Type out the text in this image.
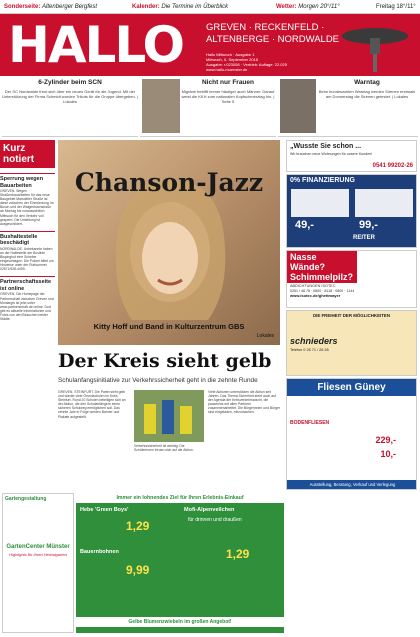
Sonderseite: Altenberger Bergfest	Kalender: Die Termine im Überblick	Wetter: Morgen 20°/11°	Freitag 18°/11°
HALLO GREVEN · RECKENFELD ·
ALTENBERGE · NORDWALDE
Hallo Mittwoch · Ausgabe 1
Mittwoch, 5. September 2018
Ausgabe: r.023008 · Vertrieb: Auflage: 22.025
www.hallo-muenster.de
6-Zylinder beim SCN

Der SC Nordwalde freut sich über ein neues Gerät für die Jugend. Mit der Unterstützung der Firma Schmidt wurden Trikots für die Gruppe übergeben. | Lokales

Nicht nur Frauen

Migräne betrifft immer häufiger auch Männer. Darauf weist die KKH zum nationalen Kopfschmerztag hin. | Seite 5

Warntag

Beim bundesweiten Warntag werden Sirenen erstmals am Donnerstag die Sirenen getestet. | Lokales

Kurz
notiert
Sperrung wegen Bauarbeiten

GREVEN. Wegen Straßenbauarbeiten für das neue Baugebiet Marsdeiler Straße ist diese zwischen der Einmündung Im Busch und der Walgenbachstraße ab Montag bis voraussichtlich Mittwoch für den Verkehr voll gesperrt. Die Umleitung ist ausgeschildert.

Bushaltestelle beschädigt

NORDWALDE. Unbekannte haben an der Haltestelle der Buslinie Bispinghof eine Scheibe eingeschlagen. Die Polizei bittet um Hinweise unter der Rufnummer 02571/928-4455.

Partnerschaftsseite ist online

GREVEN. Die Homepage der Partnerschaft zwischen Greven und Montargis ist jetzt unter www.partnerschaft.de online. Dort gibt es aktuelle Informationen und Fotos von den Besuchen beider Städte.

Chanson-Jazz
Kitty Hoff und Band in Kulturzentrum GBS
Lokales
Der Kreis sieht gelb
Schulanfangsinitiative zur Verkehrssicherheit geht in die zehnte Runde
GREVEN. STEINFURT. Die Partei sieht gelb und wieder viele Grundschulen im Kreis Steinfurt. Rund 20 Schulen beteiligen sich an der Aktion, die den Schulanfängern einen sicheren Schulweg ermöglichen soll. Das zehnte Jahr in Folge werden Banner und Plakate aufgestellt.
Verkehrssicherheit ist wichtig: Die Schülerinnen freuen sich auf die Aktion.
Viele Aktionen unterstützen die Aktion seit Jahren. Das Thema Sicherheit steht auch auf der Agenda der Kreisverkehrswacht, die pausenlos mit allen Partnern zusammenarbeitet. Die Bürgerinnen und Bürger sind eingeladen, mitzumachen.
„Wusste Sie schon ...
Wir brauchen neue Wohnungen für unsere Kunden!
0541 99202-26
0% FINANZIERUNG
49,-	99,-
REITER
Nasse Wände?
Schimmelpilz?
ABDICHTUNGEN ISOTEC
0251 / 48 78 · 0800 · 8118 · 0800 · 1144
www.isotec.de/ghettmayer
DIE FREIHEIT DER MÖGLICHKEITEN
schnieders
Telefon 0 25 71 / 26 28
Fliesen Güney
BODENFLIESEN
229,-
10,-
Ausstellung, Beratung, Verkauf und Verlegung
Gartengestaltung
GartenCenter Münster
Highlights für Ihren Herbstgarten
Immer ein lohnendes Ziel für Ihren Erlebnis-Einkauf
Hebe 'Green Boys'
1,29
Mofi-Alpenveilchen
für drinnen und draußen
1,29
Bauernbohnen
9,99
Gelbe Blumenzwiebeln im großen Angebot!
